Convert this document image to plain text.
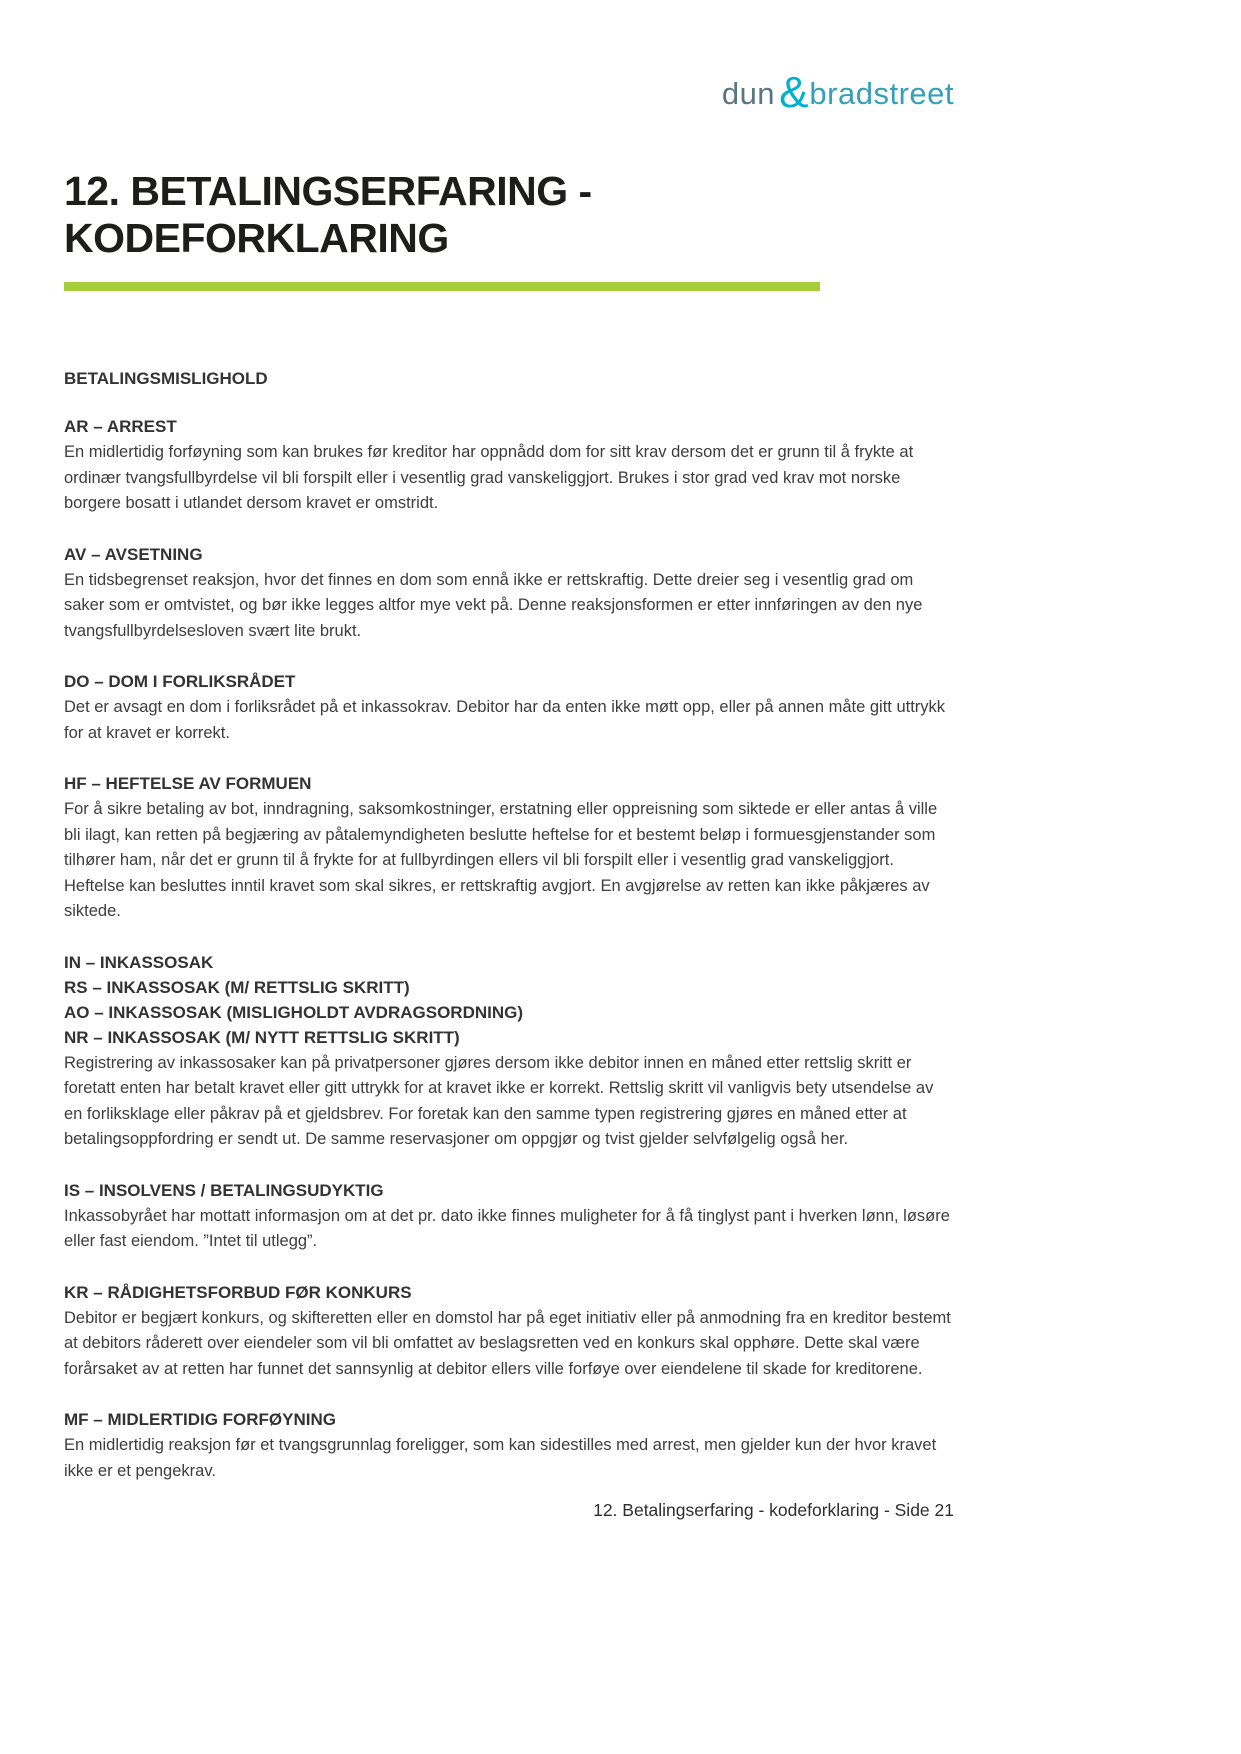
dun & bradstreet
12. BETALINGSERFARING - KODEFORKLARING
BETALINGSMISLIGHOLD
AR – ARREST

En midlertidig forføyning som kan brukes før kreditor har oppnådd dom for sitt krav dersom det er grunn til å frykte at ordinær tvangsfullbyrdelse vil bli forspilt eller i vesentlig grad vanskeliggjort. Brukes i stor grad ved krav mot norske borgere bosatt i utlandet dersom kravet er omstridt.

AV – AVSETNING

En tidsbegrenset reaksjon, hvor det finnes en dom som ennå ikke er rettskraftig. Dette dreier seg i vesentlig grad om saker som er omtvistet, og bør ikke legges altfor mye vekt på. Denne reaksjonsformen er etter innføringen av den nye tvangsfullbyrdelsesloven svært lite brukt.

DO – DOM I FORLIKSRÅDET

Det er avsagt en dom i forliksrådet på et inkassokrav. Debitor har da enten ikke møtt opp, eller på annen måte gitt uttrykk for at kravet er korrekt.

HF – HEFTELSE AV FORMUEN

For å sikre betaling av bot, inndragning, saksomkostninger, erstatning eller oppreisning som siktede er eller antas å ville bli ilagt, kan retten på begjæring av påtalemyndigheten beslutte heftelse for et bestemt beløp i formuesgjenstander som tilhører ham, når det er grunn til å frykte for at fullbyrdingen ellers vil bli forspilt eller i vesentlig grad vanskeliggjort. Heftelse kan besluttes inntil kravet som skal sikres, er rettskraftig avgjort. En avgjørelse av retten kan ikke påkjæres av siktede.

IN – INKASSOSAK
RS – INKASSOSAK (M/ RETTSLIG SKRITT)
AO – INKASSOSAK (MISLIGHOLDT AVDRAGSORDNING)
NR – INKASSOSAK (M/ NYTT RETTSLIG SKRITT)

Registrering av inkassosaker kan på privatpersoner gjøres dersom ikke debitor innen en måned etter rettslig skritt er foretatt enten har betalt kravet eller gitt uttrykk for at kravet ikke er korrekt. Rettslig skritt vil vanligvis bety utsendelse av en forliksklage eller påkrav på et gjeldsbrev. For foretak kan den samme typen registrering gjøres en måned etter at betalingsoppfordring er sendt ut. De samme reservasjoner om oppgjør og tvist gjelder selvfølgelig også her.

IS – INSOLVENS / BETALINGSUDYKTIG

Inkassobyrået har mottatt informasjon om at det pr. dato ikke finnes muligheter for å få tinglyst pant i hverken lønn, løsøre eller fast eiendom. ”Intet til utlegg”.

KR – RÅDIGHETSFORBUD FØR KONKURS

Debitor er begjært konkurs, og skifteretten eller en domstol har på eget initiativ eller på anmodning fra en kreditor bestemt at debitors råderett over eiendeler som vil bli omfattet av beslagsretten ved en konkurs skal opphøre. Dette skal være forårsaket av at retten har funnet det sannsynlig at debitor ellers ville forføye over eiendelene til skade for kreditorene.

MF – MIDLERTIDIG FORFØYNING

En midlertidig reaksjon før et tvangsgrunnlag foreligger, som kan sidestilles med arrest, men gjelder kun der hvor kravet ikke er et pengekrav.

12. Betalingserfaring - kodeforklaring - Side 21
